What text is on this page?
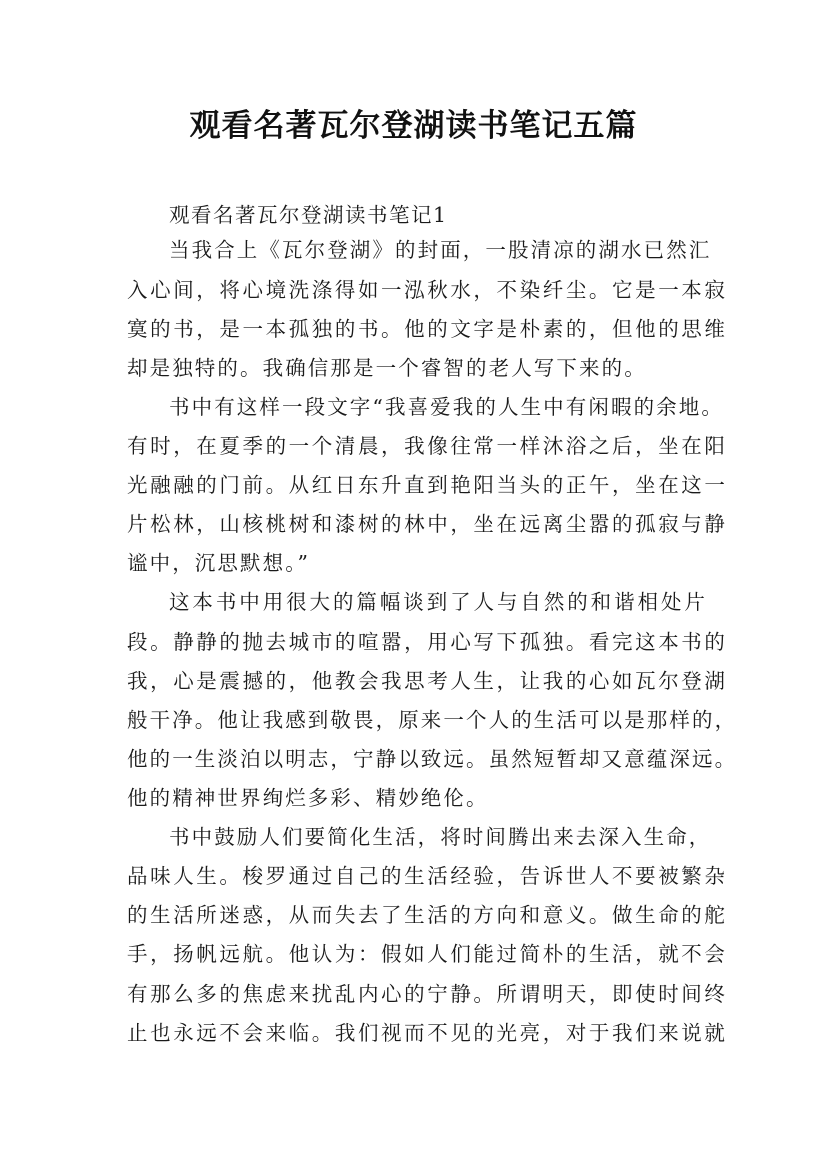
观看名著瓦尔登湖读书笔记五篇
观看名著瓦尔登湖读书笔记1
当我合上《瓦尔登湖》的封面，一股清凉的湖水已然汇
入心间，将心境洗涤得如一泓秋水，不染纤尘。它是一本寂
寞的书，是一本孤独的书。他的文字是朴素的，但他的思维
却是独特的。我确信那是一个睿智的老人写下来的。
书中有这样一段文字“我喜爱我的人生中有闲暇的余地。
有时，在夏季的一个清晨，我像往常一样沐浴之后，坐在阳
光融融的门前。从红日东升直到艳阳当头的正午，坐在这一
片松林，山核桃树和漆树的林中，坐在远离尘嚣的孤寂与静
谧中，沉思默想。”
这本书中用很大的篇幅谈到了人与自然的和谐相处片
段。静静的抛去城市的喧嚣，用心写下孤独。看完这本书的
我，心是震撼的，他教会我思考人生，让我的心如瓦尔登湖
般干净。他让我感到敬畏，原来一个人的生活可以是那样的，
他的一生淡泊以明志，宁静以致远。虽然短暂却又意蕴深远。
他的精神世界绚烂多彩、精妙绝伦。
书中鼓励人们要简化生活，将时间腾出来去深入生命，
品味人生。梭罗通过自己的生活经验，告诉世人不要被繁杂
的生活所迷惑，从而失去了生活的方向和意义。做生命的舵
手，扬帆远航。他认为：假如人们能过简朴的生活，就不会
有那么多的焦虑来扰乱内心的宁静。所谓明天，即使时间终
止也永远不会来临。我们视而不见的光亮，对于我们来说就
